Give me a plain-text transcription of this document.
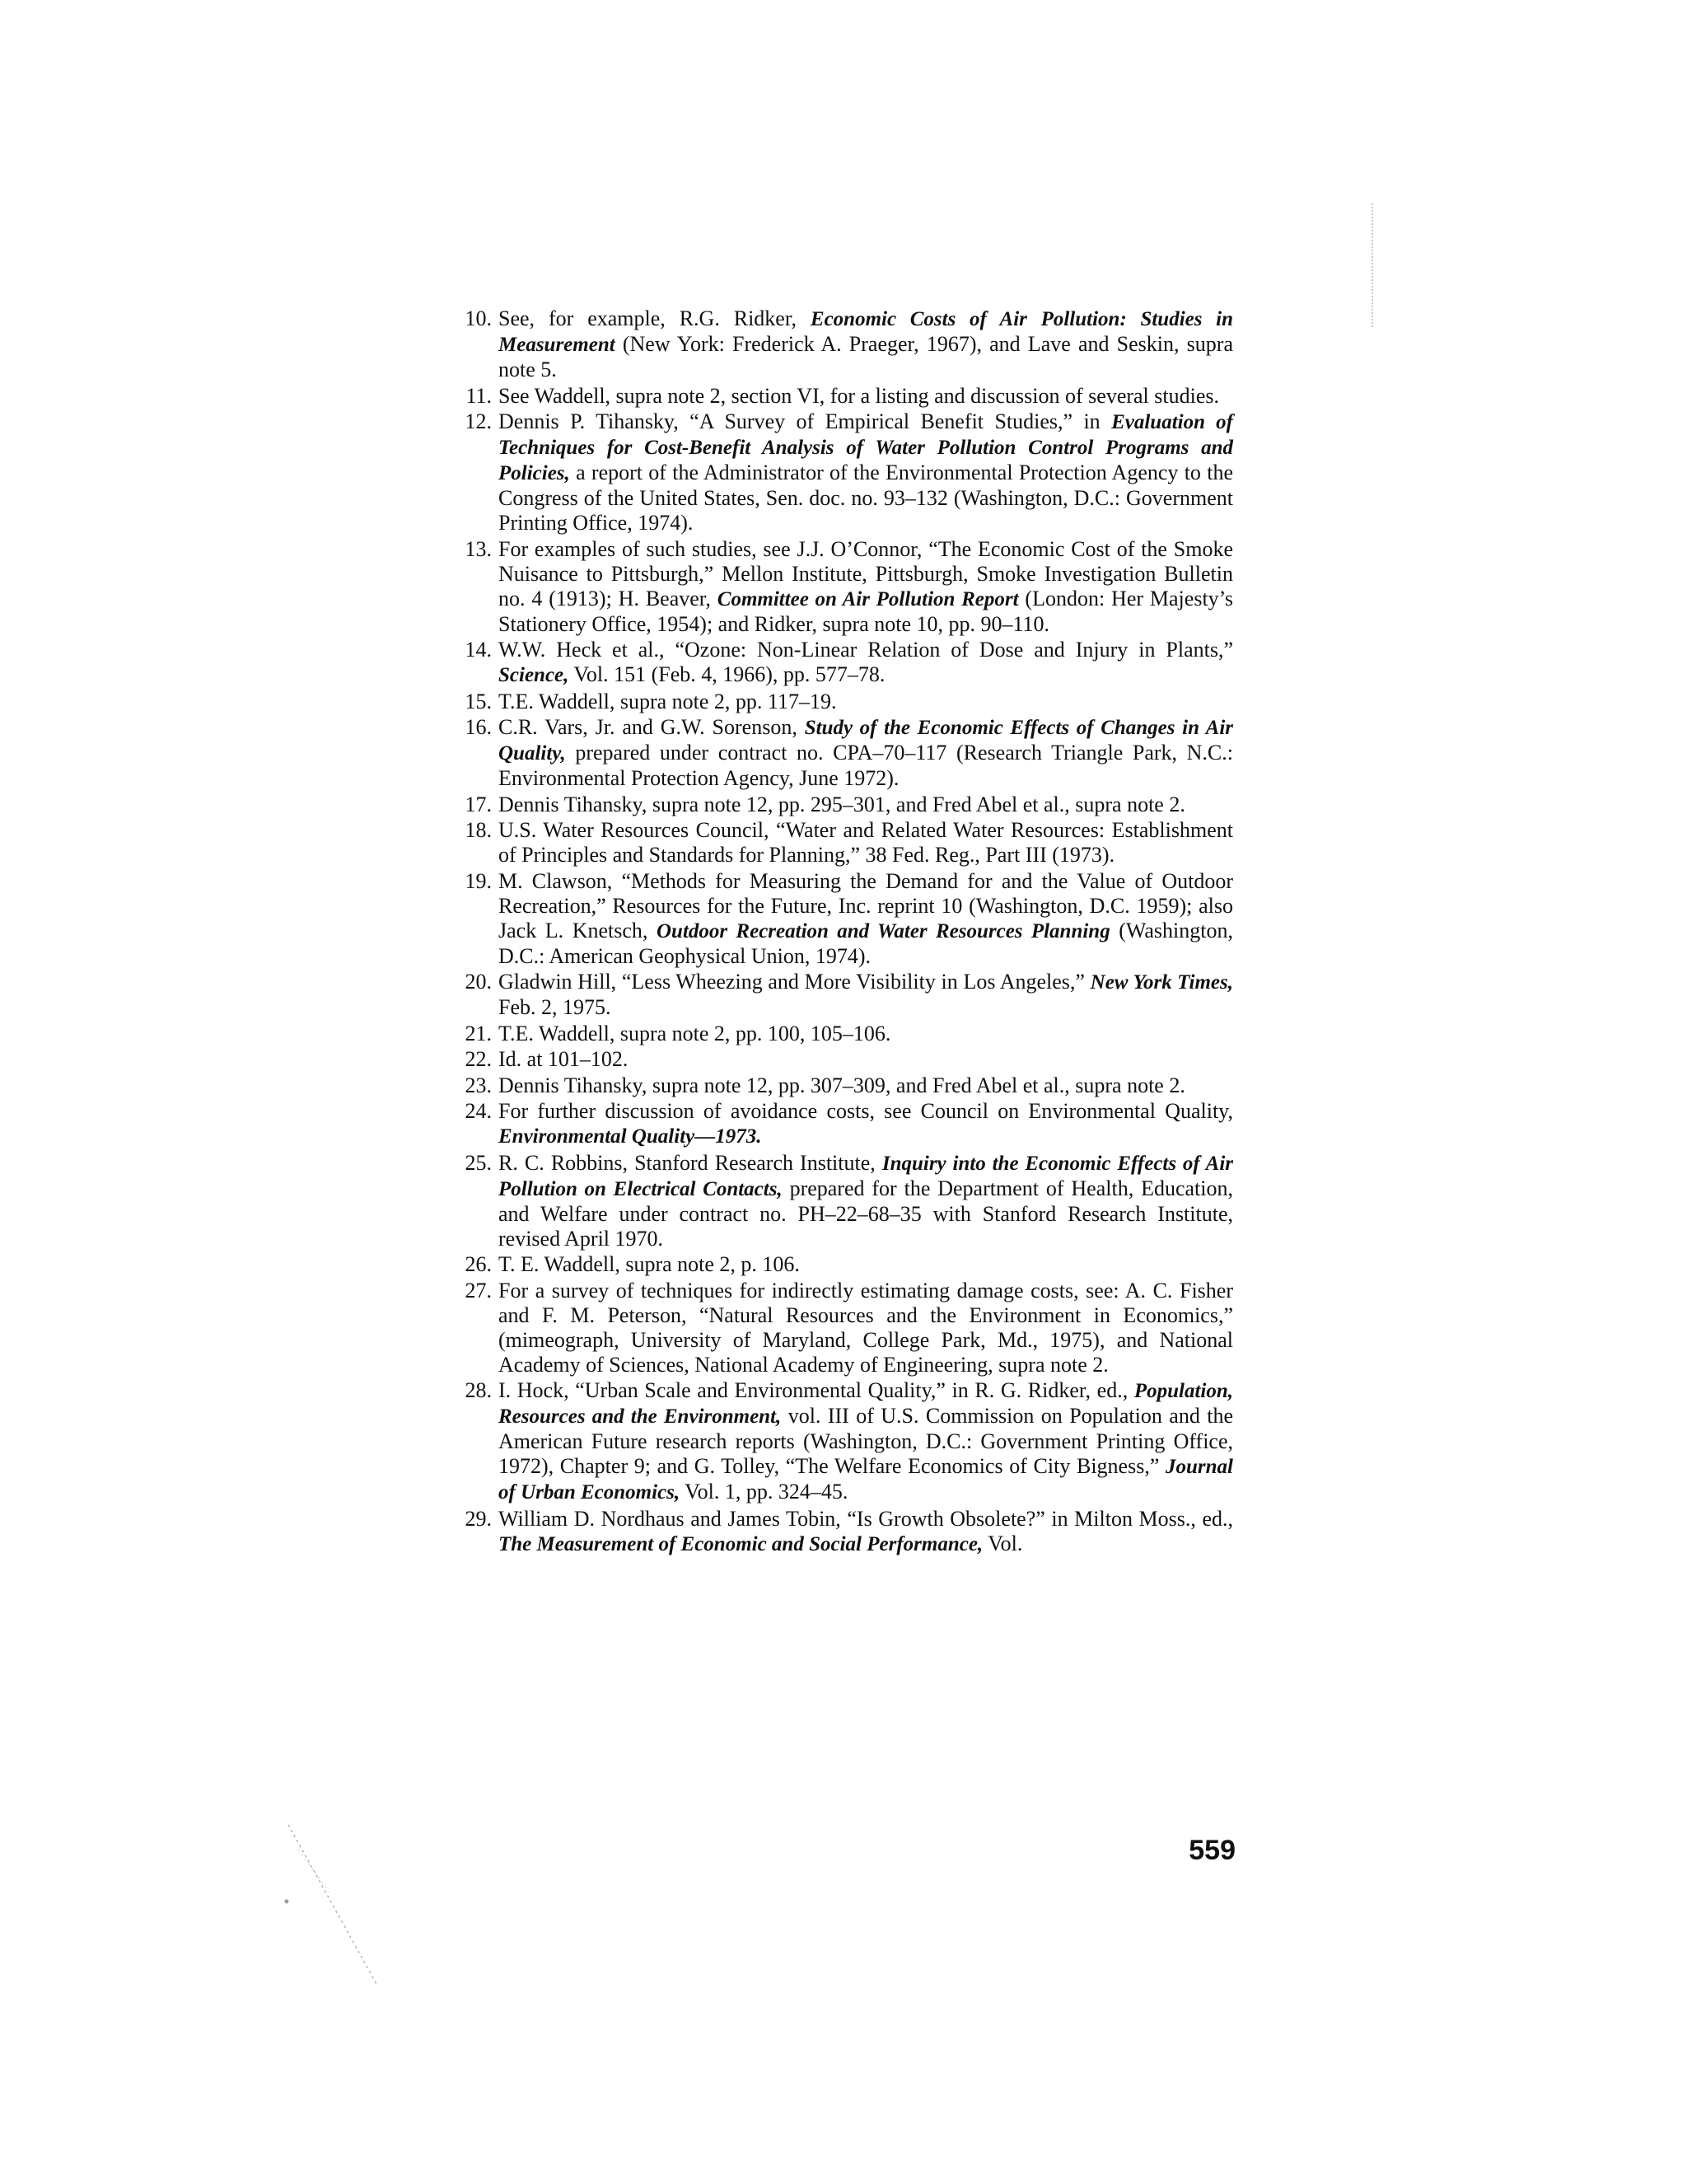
10. See, for example, R.G. Ridker, Economic Costs of Air Pollution: Studies in Measurement (New York: Frederick A. Praeger, 1967), and Lave and Seskin, supra note 5.
11. See Waddell, supra note 2, section VI, for a listing and discussion of several studies.
12. Dennis P. Tihansky, “A Survey of Empirical Benefit Studies,” in Evaluation of Techniques for Cost-Benefit Analysis of Water Pollution Control Programs and Policies, a report of the Administrator of the Environmental Protection Agency to the Congress of the United States, Sen. doc. no. 93–132 (Washington, D.C.: Government Printing Office, 1974).
13. For examples of such studies, see J.J. O’Connor, “The Economic Cost of the Smoke Nuisance to Pittsburgh,” Mellon Institute, Pittsburgh, Smoke Investigation Bulletin no. 4 (1913); H. Beaver, Committee on Air Pollution Report (London: Her Majesty’s Stationery Office, 1954); and Ridker, supra note 10, pp. 90–110.
14. W.W. Heck et al., “Ozone: Non-Linear Relation of Dose and Injury in Plants,” Science, Vol. 151 (Feb. 4, 1966), pp. 577–78.
15. T.E. Waddell, supra note 2, pp. 117–19.
16. C.R. Vars, Jr. and G.W. Sorenson, Study of the Economic Effects of Changes in Air Quality, prepared under contract no. CPA–70–117 (Research Triangle Park, N.C.: Environmental Protection Agency, June 1972).
17. Dennis Tihansky, supra note 12, pp. 295–301, and Fred Abel et al., supra note 2.
18. U.S. Water Resources Council, “Water and Related Water Resources: Establishment of Principles and Standards for Planning,” 38 Fed. Reg., Part III (1973).
19. M. Clawson, “Methods for Measuring the Demand for and the Value of Outdoor Recreation,” Resources for the Future, Inc. reprint 10 (Washington, D.C. 1959); also Jack L. Knetsch, Outdoor Recreation and Water Resources Planning (Washington, D.C.: American Geophysical Union, 1974).
20. Gladwin Hill, “Less Wheezing and More Visibility in Los Angeles,” New York Times, Feb. 2, 1975.
21. T.E. Waddell, supra note 2, pp. 100, 105–106.
22. Id. at 101–102.
23. Dennis Tihansky, supra note 12, pp. 307–309, and Fred Abel et al., supra note 2.
24. For further discussion of avoidance costs, see Council on Environmental Quality, Environmental Quality—1973.
25. R. C. Robbins, Stanford Research Institute, Inquiry into the Economic Effects of Air Pollution on Electrical Contacts, prepared for the Department of Health, Education, and Welfare under contract no. PH–22–68–35 with Stanford Research Institute, revised April 1970.
26. T. E. Waddell, supra note 2, p. 106.
27. For a survey of techniques for indirectly estimating damage costs, see: A. C. Fisher and F. M. Peterson, “Natural Resources and the Environment in Economics,” (mimeograph, University of Maryland, College Park, Md., 1975), and National Academy of Sciences, National Academy of Engineering, supra note 2.
28. I. Hock, “Urban Scale and Environmental Quality,” in R. G. Ridker, ed., Population, Resources and the Environment, vol. III of U.S. Commission on Population and the American Future research reports (Washington, D.C.: Government Printing Office, 1972), Chapter 9; and G. Tolley, “The Welfare Economics of City Bigness,” Journal of Urban Economics, Vol. 1, pp. 324–45.
29. William D. Nordhaus and James Tobin, “Is Growth Obsolete?” in Milton Moss., ed., The Measurement of Economic and Social Performance, Vol.
559
